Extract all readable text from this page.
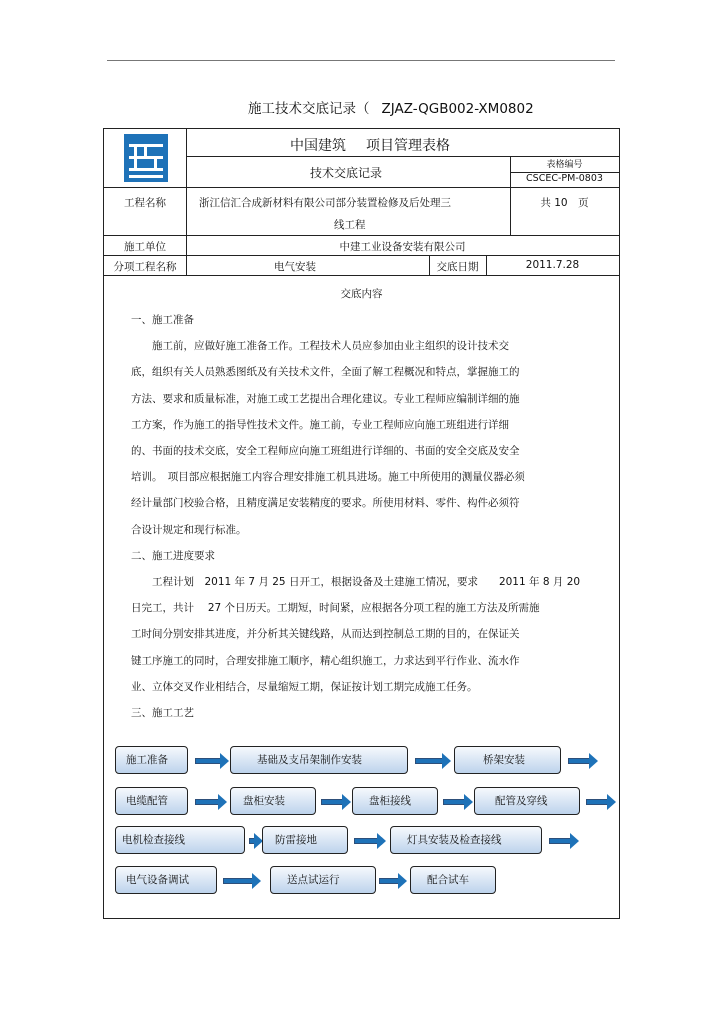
施工技术交底记录（ ZJAZ-QGB002-XM0802
中国建筑 项目管理表格
技术交底记录
表格编号
CSCEC-PM-0803
工程名称	浙江信汇合成新材料有限公司部分装置检修及后处理三
线工程
共 10　页
施工单位	中建工业设备安装有限公司
分项工程名称	电气安装	交底日期	2011.7.28
交底内容
一、施工准备
　　施工前，应做好施工准备工作。工程技术人员应参加由业主组织的设计技术交
底，组织有关人员熟悉图纸及有关技术文件，全面了解工程概况和特点，掌握施工的
方法、要求和质量标准，对施工或工艺提出合理化建议。专业工程师应编制详细的施
工方案，作为施工的指导性技术文件。施工前，专业工程师应向施工班组进行详细
的、书面的技术交底，安全工程师应向施工班组进行详细的、书面的安全交底及安全
培训。　项目部应根据施工内容合理安排施工机具进场。施工中所使用的测量仪器必须
经计量部门校验合格，且精度满足安装精度的要求。所使用材料、零件、构件必须符
合设计规定和现行标准。
二、施工进度要求
　　工程计划　2011 年 7 月 25 日开工，根据设备及土建施工情况，要求　　2011 年 8 月 20
日完工，共计　 27 个日历天。工期短，时间紧，应根据各分项工程的施工方法及所需施
工时间分别安排其进度，并分析其关键线路，从而达到控制总工期的目的，在保证关
键工序施工的同时，合理安排施工顺序，精心组织施工，力求达到平行作业、流水作
业、立体交叉作业相结合，尽量缩短工期，保证按计划工期完成施工任务。
三、施工工艺
施工准备	基础及支吊架制作安装	桥架安装
电缆配管	盘柜安装	盘柜接线	配管及穿线
电机检查接线	防雷接地	灯具安装及检查接线
电气设备调试	送点试运行	配合试车
